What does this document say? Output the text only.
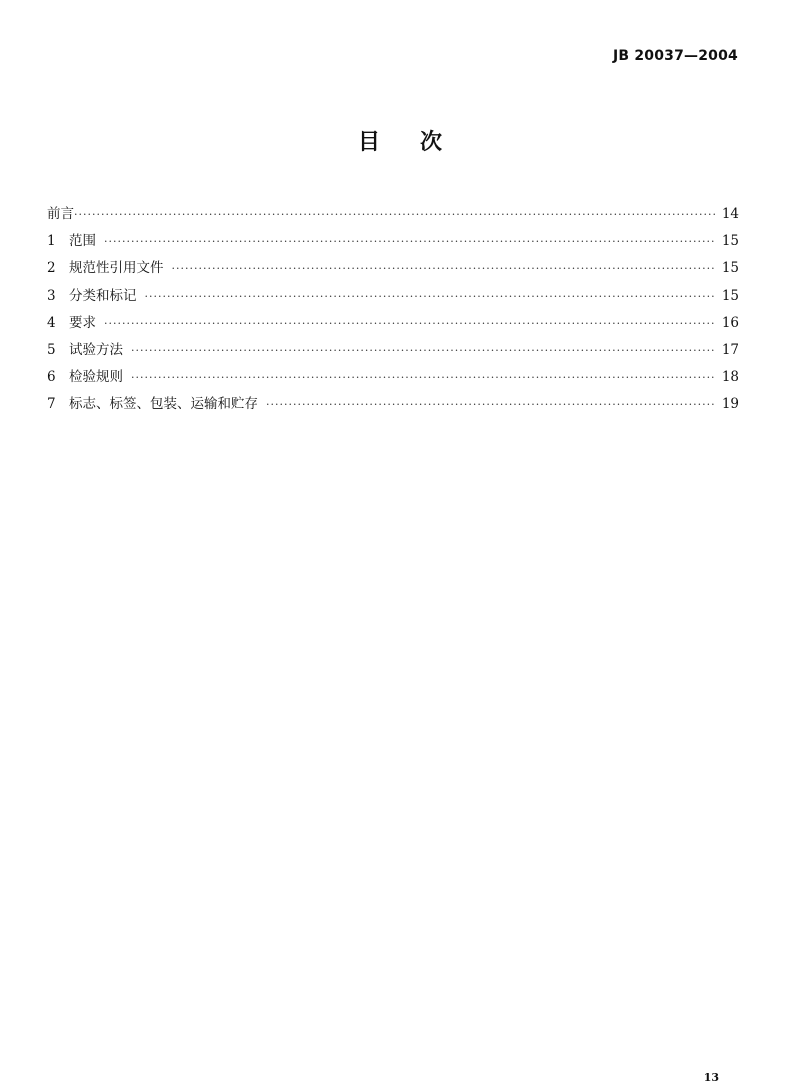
JB 20037—2004
目次
前言 ·····	14
1 范围 ·····	15
2 规范性引用文件 ·····	15
3 分类和标记 ·····	15
4 要求 ·····	16
5 试验方法 ·····	17
6 检验规则 ·····	18
7 标志、标签、包装、运输和贮存 ·····	19
13
